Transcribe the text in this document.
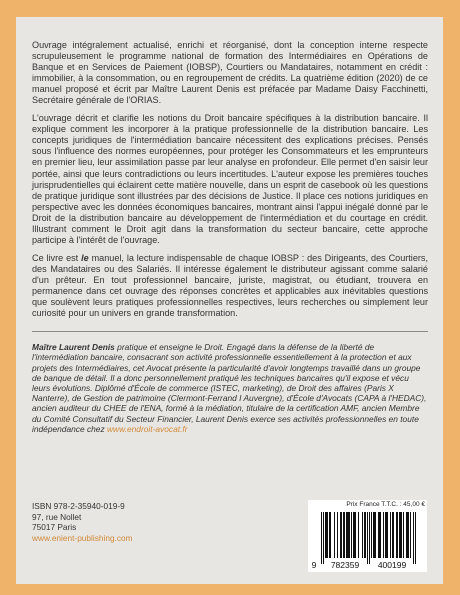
Ouvrage intégralement actualisé, enrichi et réorganisé, dont la conception interne respecte scrupuleusement le programme national de formation des Intermédiaires en Opérations de Banque et en Services de Paiement (IOBSP), Courtiers ou Mandataires, notamment en crédit : immobilier, à la consommation, ou en regroupement de crédits. La quatrième édition (2020) de ce manuel proposé et écrit par Maître Laurent Denis est préfacée par Madame Daisy Facchinetti, Secrétaire générale de l'ORIAS.

L'ouvrage décrit et clarifie les notions du Droit bancaire spécifiques à la distribution bancaire. Il explique comment les incorporer à la pratique professionnelle de la distribution bancaire. Les concepts juridiques de l'intermédiation bancaire nécessitent des explications précises. Pensés sous l'influence des normes européennes, pour protéger les Consommateurs et les emprunteurs en premier lieu, leur assimilation passe par leur analyse en profondeur. Elle permet d'en saisir leur portée, ainsi que leurs contradictions ou leurs incertitudes. L'auteur expose les premières touches jurisprudentielles qui éclairent cette matière nouvelle, dans un esprit de casebook où les questions de pratique juridique sont illustrées par des décisions de Justice. Il place ces notions juridiques en perspective avec les données économiques bancaires, montrant ainsi l'appui inégalé donné par le Droit de la distribution bancaire au développement de l'intermédiation et du courtage en crédit. Illustrant comment le Droit agit dans la transformation du secteur bancaire, cette approche participe à l'intérêt de l'ouvrage.

Ce livre est le manuel, la lecture indispensable de chaque IOBSP : des Dirigeants, des Courtiers, des Mandataires ou des Salariés. Il intéresse également le distributeur agissant comme salarié d'un prêteur. En tout professionnel bancaire, juriste, magistrat, ou étudiant, trouvera en permanence dans cet ouvrage des réponses concrètes et applicables aux inévitables questions que soulèvent leurs pratiques professionnelles respectives, leurs recherches ou simplement leur curiosité pour un univers en grande transformation.

Maître Laurent Denis pratique et enseigne le Droit. Engagé dans la défense de la liberté de l'intermédiation bancaire, consacrant son activité professionnelle essentiellement à la protection et aux projets des Intermédiaires, cet Avocat présente la particularité d'avoir longtemps travaillé dans un groupe de banque de détail. Il a donc personnellement pratiqué les techniques bancaires qu'il expose et vécu leurs évolutions. Diplômé d'École de commerce (ISTEC, marketing), de Droit des affaires (Paris X Nanterre), de Gestion de patrimoine (Clermont-Ferrand I Auvergne), d'École d'Avocats (CAPA à l'HEDAC), ancien auditeur du CHEE de l'ENA, formé à la médiation, titulaire de la certification AMF, ancien Membre du Comité Consultatif du Secteur Financier, Laurent Denis exerce ses activités professionnelles en toute indépendance chez www.endroit-avocat.fr

ISBN 978-2-35940-019-9
97, rue Nollet
75017 Paris
www.enient-publishing.com
Prix France T.T.C. : 45,00 €
9 782359 400199
